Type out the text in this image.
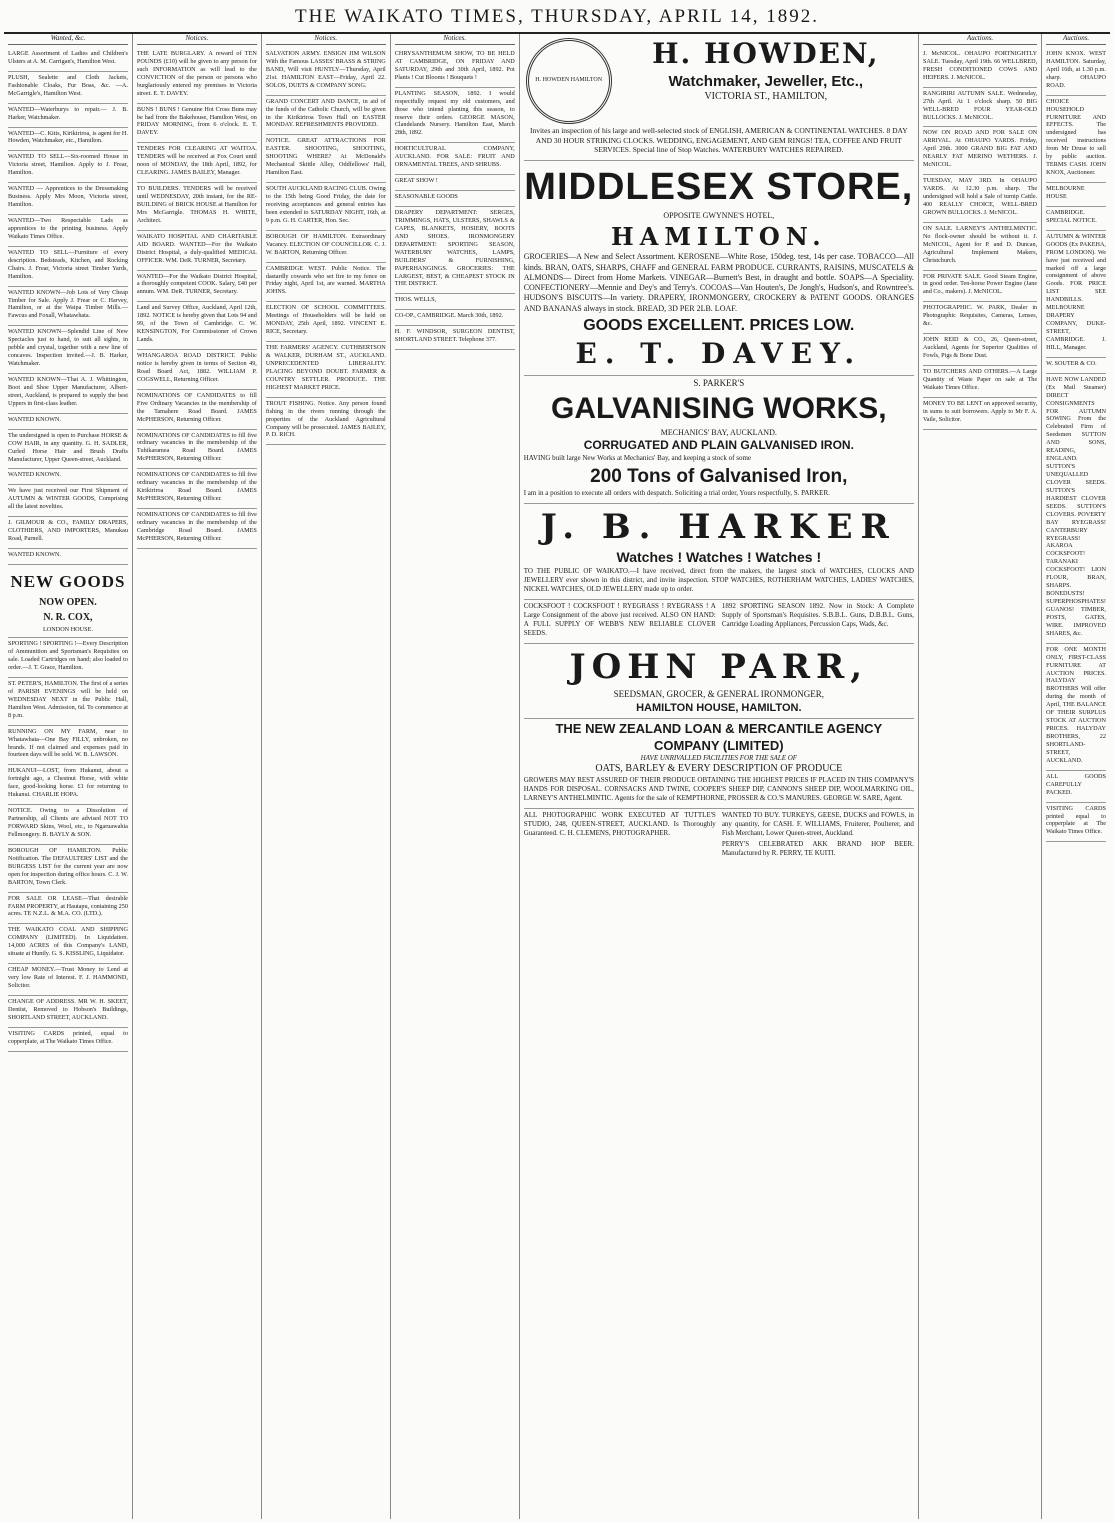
THE WAIKATO TIMES, THURSDAY, APRIL 14, 1892.
Wanted, &c.

LARGE Assortment of Ladies and Children's Ulsters at A. M. Carrigan's, Hamilton West.

PLUSH, Sealette and Cloth Jackets, Fashionable Cloaks, Fur Boas, &c. —A. McGarrigle's, Hamilton West.

WANTED—Waterburys to repair.— J. B. Harker, Watchmaker.

WANTED—C. Kitts, Kirikiriroa, is agent for H. Howden, Watchmaker, etc., Hamilton.

WANTED TO SELL—Six-roomed House in Victoria street, Hamilton. Apply to J. Frear, Hamilton.

WANTED — Apprentices to the Dressmaking Business. Apply Mrs Moon, Victoria street, Hamilton.

WANTED—Two Respectable Lads as apprentices to the printing business. Apply Waikato Times Office.

WANTED TO SELL—Furniture of every description. Bedsteads, Kitchen, and Rocking Chairs. J. Frear, Victoria street Timber Yards, Hamilton.

WANTED KNOWN—Job Lots of Very Cheap Timber for Sale. Apply J. Frear or C. Harvey, Hamilton, or at the Waipa Timber Mills.—Fawcus and Foxall, Whatawhata.

WANTED KNOWN—Splendid Line of New Spectacles just to hand, to suit all sights, in pebble and crystal, together with a new line of concaves. Inspection invited.—J. B. Harker, Watchmaker.

WANTED KNOWN—That A. J. Whittington, Boot and Shoe Upper Manufacturer, Albert-street, Auckland, is prepared to supply the best Uppers in first-class leather.

WANTED KNOWN.

The undersigned is open to Purchase HORSE & COW HAIR, in any quantity. G. H. SADLER, Curled Horse Hair and Brush Drafts Manufacturer, Upper Queen-street, Auckland.

WANTED KNOWN.

We have just received our First Shipment of AUTUMN & WINTER GOODS, Comprising all the latest novelties.

J. GILMOUR & CO., FAMILY DRAPERS, CLOTHIERS, AND IMPORTERS, Manukau Road, Parnell.

WANTED KNOWN.

NEW GOODS
NOW OPEN.
N. R. COX,
LONDON HOUSE.

SPORTING ! SPORTING !—Every Description of Ammunition and Sportsman's Requisites on sale. Loaded Cartridges on hand; also loaded to order.—J. T. Grace, Hamilton.

ST. PETER'S, HAMILTON. The first of a series of PARISH EVENINGS will be held on WEDNESDAY NEXT in the Public Hall, Hamilton West. Admission, 6d. To commence at 8 p.m.

RUNNING ON MY FARM, near to Whatawhata—One Bay FILLY, unbroken, no brands. If not claimed and expenses paid in fourteen days will be sold. W. B. LAWSON.

HUKANUI—LOST, from Hukanui, about a fortnight ago, a Chestnut Horse, with white face, good-looking horse. £1 for returning to Hukanui. CHARLIE HOPA.

NOTICE. Owing to a Dissolution of Partnership, all Clients are advised NOT TO FORWARD Skins, Wool, etc., to Ngaruawahia Fellmongery. B. BAYLY & SON.

BOROUGH OF HAMILTON. Public Notification. The DEFAULTERS' LIST and the BURGESS LIST for the current year are now open for inspection during office hours. C. J. W. BARTON, Town Clerk.

FOR SALE OR LEASE—That desirable FARM PROPERTY, at Hautapu, containing 250 acres. TE N.Z.L. & M.A. CO. (LTD.).

THE WAIKATO COAL AND SHIPPING COMPANY (LIMITED). In Liquidation. 14,000 ACRES of this Company's LAND, situate at Huntly. G. S. KISSLING, Liquidator.

CHEAP MONEY.—Trust Money to Lend at very low Rate of Interest. F. J. HAMMOND, Solicitor.

CHANGE OF ADDRESS. MR W. H. SKEET, Dentist, Removed to Hobson's Buildings, SHORTLAND STREET, AUCKLAND.

VISITING CARDS printed, equal to copperplate, at The Waikato Times Office.

Notices.

THE LATE BURGLARY. A reward of TEN POUNDS (£10) will be given to any person for such INFORMATION as will lead to the CONVICTION of the person or persons who burglariously entered my premises in Victoria street. E. T. DAVEY.

BUNS ! BUNS ! Genuine Hot Cross Buns may be had from the Bakehouse, Hamilton West, on FRIDAY MORNING, from 6 o'clock. E. T. DAVEY.

TENDERS FOR CLEARING AT WAITOA. TENDERS will be received at Fox Court until noon of MONDAY, the 18th April, 1892, for CLEARING. JAMES BAILEY, Manager.

TO BUILDERS. TENDERS will be received until WEDNESDAY, 20th instant, for the RE-BUILDING of BRICK HOUSE at Hamilton for Mrs McGarrigle. THOMAS H. WHITE, Architect.

WAIKATO HOSPITAL AND CHARITABLE AID BOARD. WANTED—For the Waikato District Hospital, a duly-qualified MEDICAL OFFICER. WM. DeR. TURNER, Secretary.

WANTED—For the Waikato District Hospital, a thoroughly competent COOK. Salary, £40 per annum. WM. DeR. TURNER, Secretary.

Land and Survey Office, Auckland, April 12th, 1892. NOTICE is hereby given that Lots 94 and 99, of the Town of Cambridge. C. W. KENSINGTON, For Commissioner of Crown Lands.

WHANGAROA ROAD DISTRICT. Public notice is hereby given in terms of Section 49, Road Board Act, 1882. WILLIAM P. COGSWELL, Returning Officer.

NOMINATIONS OF CANDIDATES to fill Five Ordinary Vacancies in the membership of the Tamahere Road Board. JAMES McPHERSON, Returning Officer.

NOMINATIONS OF CANDIDATES to fill five ordinary vacancies in the membership of the Tuhikaramea Road Board. JAMES McPHERSON, Returning Officer.

NOMINATIONS OF CANDIDATES to fill five ordinary vacancies in the membership of the Kirikiriroa Road Board. JAMES McPHERSON, Returning Officer.

NOMINATIONS OF CANDIDATES to fill five ordinary vacancies in the membership of the Cambridge Road Board. JAMES McPHERSON, Returning Officer.

Notices.

SALVATION ARMY. ENSIGN JIM WILSON With the Famous LASSES' BRASS & STRING BAND, Will visit HUNTLY—Thursday, April 21st. HAMILTON EAST—Friday, April 22. SOLOS, DUETS & COMPANY SONG.

GRAND CONCERT AND DANCE, in aid of the funds of the Catholic Church, will be given in the Kirikiriroa Town Hall on EASTER MONDAY. REFRESHMENTS PROVIDED.

NOTICE. GREAT ATTRACTIONS FOR EASTER. SHOOTING, SHOOTING, SHOOTING WHERE? At McDonald's Mechanical Skittle Alley, Oddfellows' Hall, Hamilton East.

SOUTH AUCKLAND RACING CLUB. Owing to the 15th being Good Friday, the date for receiving acceptances and general entries has been extended to SATURDAY NIGHT, 16th, at 9 p.m. G. H. CARTER, Hon. Sec.

BOROUGH OF HAMILTON. Extraordinary Vacancy. ELECTION OF COUNCILLOR. C. J. W. BARTON, Returning Officer.

CAMBRIDGE WEST. Public Notice. The dastardly cowards who set fire to my fence on Friday night, April 1st, are warned. MARTHA JOHNS.

ELECTION OF SCHOOL COMMITTEES. Meetings of Householders will be held on MONDAY, 25th April, 1892. VINCENT E. RICE, Secretary.

THE FARMERS' AGENCY. CUTHBERTSON & WALKER, DURHAM ST., AUCKLAND. UNPRECEDENTED LIBERALITY. PLACING BEYOND DOUBT. FARMER & COUNTRY SETTLER. PRODUCE. THE HIGHEST MARKET PRICE.

TROUT FISHING. Notice. Any person found fishing in the rivers running through the properties of the Auckland Agricultural Company will be prosecuted. JAMES BAILEY, P. D. RICH.

Notices.

CHRYSANTHEMUM SHOW, TO BE HELD AT CAMBRIDGE, ON FRIDAY AND SATURDAY, 29th and 30th April, 1892. Pot Plants ! Cut Blooms ! Bouquets !

PLANTING SEASON, 1892. I would respectfully request my old customers, and those who intend planting this season, to reserve their orders. GEORGE MASON, Clandelands Nursery. Hamilton East, March 28th, 1892.

HORTICULTURAL COMPANY, AUCKLAND. FOR SALE: FRUIT AND ORNAMENTAL TREES, AND SHRUBS.

GREAT SHOW !

SEASONABLE GOODS

DRAPERY DEPARTMENT: SERGES, TRIMMINGS, HATS, ULSTERS, SHAWLS & CAPES, BLANKETS, HOSIERY, BOOTS AND SHOES. IRONMONGERY DEPARTMENT: SPORTING SEASON, WATERBURY WATCHES, LAMPS, BUILDERS' & FURNISHING, PAPERHANGINGS. GROCERIES: THE LARGEST, BEST, & CHEAPEST STOCK IN THE DISTRICT.

THOS. WELLS,

CO-OP., CAMBRIDGE. March 30th, 1892.

H. F. WINDSOR, SURGEON DENTIST, SHORTLAND STREET. Telephone 377.

H. HOWDEN HAMILTON
H. HOWDEN,
Watchmaker, Jeweller, Etc.,
VICTORIA ST., HAMILTON,

Invites an inspection of his large and well-selected stock of ENGLISH, AMERICAN & CONTINENTAL WATCHES. 8 DAY AND 30 HOUR STRIKING CLOCKS. WEDDING, ENGAGEMENT, AND GEM RINGS! TEA, COFFEE AND FRUIT SERVICES. Special line of Stop Watches. WATERBURY WATCHES REPAIRED.

MIDDLESEX STORE,
OPPOSITE GWYNNE'S HOTEL,
HAMILTON.

GROCERIES—A New and Select Assortment. KEROSENE—White Rose, 150deg. test, 14s per case. TOBACCO—All kinds. BRAN, OATS, SHARPS, CHAFF and GENERAL FARM PRODUCE. CURRANTS, RAISINS, MUSCATELS & ALMONDS— Direct from Home Markets. VINEGAR—Burnett's Best, in draught and bottle. SOAPS—A Speciality. CONFECTIONERY—Mennie and Dey's and Terry's. COCOAS—Van Houten's, De Jongh's, Hudson's, and Rowntree's. HUDSON'S BISCUITS—In variety. DRAPERY, IRONMONGERY, CROCKERY & PATENT GOODS. ORANGES AND BANANAS always in stock. BREAD, 3D PER 2LB. LOAF.

GOODS EXCELLENT. PRICES LOW.
E. T. DAVEY.
S. PARKER'S
GALVANISING WORKS,
MECHANICS' BAY, AUCKLAND.
CORRUGATED AND PLAIN GALVANISED IRON.

HAVING built large New Works at Mechanics' Bay, and keeping a stock of some

200 Tons of Galvanised Iron,

I am in a position to execute all orders with despatch. Soliciting a trial order, Yours respectfully, S. PARKER.

J. B. HARKER
Watches ! Watches ! Watches !

TO THE PUBLIC OF WAIKATO.—I have received, direct from the makers, the largest stock of WATCHES, CLOCKS AND JEWELLERY ever shown in this district, and invite inspection. STOP WATCHES, ROTHERHAM WATCHES, LADIES' WATCHES, NICKEL WATCHES, OLD JEWELLERY made up to order.

COCKSFOOT ! COCKSFOOT ! RYEGRASS ! RYEGRASS ! A Large Consignment of the above just received. ALSO ON HAND: A FULL SUPPLY OF WEBB'S NEW RELIABLE CLOVER SEEDS.

1892 SPORTING SEASON 1892. Now in Stock: A Complete Supply of Sportsman's Requisites. S.B.B.L. Guns, D.B.B.L. Guns, Cartridge Loading Appliances, Percussion Caps, Wads, &c.

JOHN PARR,
SEEDSMAN, GROCER, & GENERAL IRONMONGER,
HAMILTON HOUSE, HAMILTON.
THE NEW ZEALAND LOAN & MERCANTILE AGENCY COMPANY (LIMITED)
HAVE UNRIVALLED FACILITIES FOR THE SALE OF
OATS, BARLEY & EVERY DESCRIPTION OF PRODUCE

GROWERS MAY REST ASSURED OF THEIR PRODUCE OBTAINING THE HIGHEST PRICES IF PLACED IN THIS COMPANY'S HANDS FOR DISPOSAL. CORNSACKS AND TWINE, COOPER'S SHEEP DIP, CANNON'S SHEEP DIP, WOOLMARKING OIL, LARNEY'S ANTHELMINTIC. Agents for the sale of KEMPTHORNE, PROSSER & CO.'S MANURES. GEORGE W. SARE, Agent.

ALL PHOTOGRAPHIC WORK EXECUTED AT TUTTLE'S STUDIO, 248, QUEEN-STREET, AUCKLAND. Is Thoroughly Guaranteed. C. H. CLEMENS, PHOTOGRAPHER.

WANTED TO BUY. TURKEYS, GEESE, DUCKS and FOWLS, in any quantity, for CASH. F. WILLIAMS, Fruiterer, Poulterer, and Fish Merchant, Lower Queen-street, Auckland.

PERRY'S CELEBRATED AKK BRAND HOP BEER. Manufactured by R. PERRY, TE KUITI.

Auctions.

J. McNICOL. OHAUPO FORTNIGHTLY SALE. Tuesday, April 19th. 66 WELLBRED, FRESH CONDITIONED COWS AND HEIFERS. J. McNICOL.

RANGIRIRI AUTUMN SALE. Wednesday, 27th April. At 1 o'clock sharp. 50 BIG WELL-BRED FOUR YEAR-OLD BULLOCKS. J. McNICOL.

NOW ON ROAD AND FOR SALE ON ARRIVAL. At OHAUPO YARDS. Friday, April 29th. 3000 GRAND BIG FAT AND NEARLY FAT MERINO WETHERS. J. McNICOL.

TUESDAY, MAY 3RD. In OHAUPO YARDS. At 12.30 p.m. sharp. The undersigned will hold a Sale of turnip Cattle. 400 REALLY CHOICE, WELL-BRED GROWN BULLOCKS. J. McNICOL.

ON SALE. LARNEY'S ANTHELMINTIC. No flock-owner should be without it. J. McNICOL, Agent for P. and D. Duncan, Agricultural Implement Makers, Christchurch.

FOR PRIVATE SALE. Good Steam Engine, in good order. Ten-horse Power Engine (Jane and Co., makers). J. McNICOL.

PHOTOGRAPHIC. W. PARK, Dealer in Photographic Requisites, Cameras, Lenses, &c.

JOHN REID & CO., 26, Queen-street, Auckland, Agents for Superior Qualities of Fowls, Pigs & Bone Dust.

TO BUTCHERS AND OTHERS.—A Large Quantity of Waste Paper on sale at The Waikato Times Office.

MONEY TO BE LENT on approved security, in sums to suit borrowers. Apply to Mr F. A. Vaile, Solicitor.

Auctions.

JOHN KNOX. WEST HAMILTON. Saturday, April 16th, at 1.30 p.m. sharp. OHAUPO ROAD.

CHOICE HOUSEHOLD FURNITURE AND EFFECTS. The undersigned has received instructions from Mr Druse to sell by public auction. TERMS CASH. JOHN KNOX, Auctioneer.

MELBOURNE HOUSE

CAMBRIDGE. SPECIAL NOTICE.

AUTUMN & WINTER GOODS (Ex PAKEHA, FROM LONDON). We have just received and marked off a large consignment of above Goods. FOR PRICE LIST SEE HANDBILLS. MELBOURNE DRAPERY COMPANY, DUKE-STREET, CAMBRIDGE. J. HILL, Manager.

W. SOUTER & CO.

HAVE NOW LANDED (Ex Mail Steamer) DIRECT CONSIGNMENTS FOR AUTUMN SOWING From the Celebrated Firm of Seedsmen SUTTON AND SONS, READING, ENGLAND. SUTTON'S UNEQUALLED CLOVER SEEDS. SUTTON'S HARDIEST CLOVER SEEDS. SUTTON'S CLOVERS. POVERTY BAY RYEGRASS! CANTERBURY RYEGRASS! AKAROA COCKSFOOT! TARANAKI COCKSFOOT! LION FLOUR, BRAN, SHARPS. BONEDUSTS! SUPERPHOSPHATES! GUANOS! TIMBER, POSTS, GATES, WIRE. IMPROVED SHARES, &c.

FOR ONE MONTH ONLY, FIRST-CLASS FURNITURE AT AUCTION PRICES. HALYDAY BROTHERS Will offer during the month of April, THE BALANCE OF THEIR SURPLUS STOCK AT AUCTION PRICES. HALYDAY BROTHERS, 22 SHORTLAND-STREET, AUCKLAND.

ALL GOODS CAREFULLY PACKED.

VISITING CARDS printed equal to copperplate at The Waikato Times Office.
